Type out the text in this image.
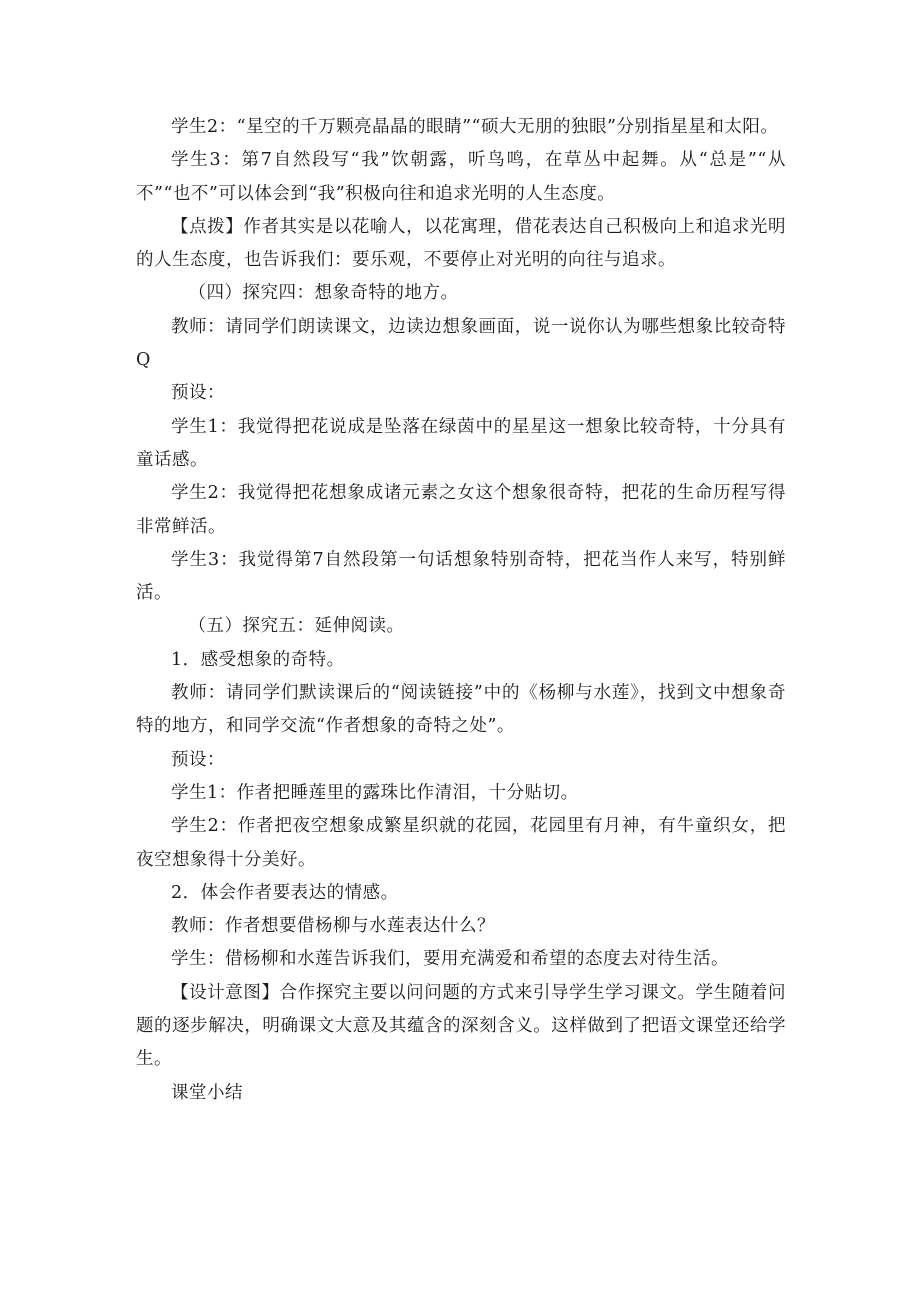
学生2：“星空的千万颗亮晶晶的眼睛”“硕大无朋的独眼”分别指星星和太阳。

学生3：第7自然段写“我”饮朝露，听鸟鸣，在草丛中起舞。从“总是”“从不”“也不”可以体会到“我”积极向往和追求光明的人生态度。

【点拨】作者其实是以花喻人，以花寓理，借花表达自己积极向上和追求光明的人生态度，也告诉我们：要乐观，不要停止对光明的向往与追求。

（四）探究四：想象奇特的地方。

教师：请同学们朗读课文，边读边想象画面，说一说你认为哪些想象比较奇特Q

预设：

学生1：我觉得把花说成是坠落在绿茵中的星星这一想象比较奇特，十分具有童话感。

学生2：我觉得把花想象成诸元素之女这个想象很奇特，把花的生命历程写得非常鲜活。

学生3：我觉得第7自然段第一句话想象特别奇特，把花当作人来写，特别鲜活。

（五）探究五：延伸阅读。

1．感受想象的奇特。

教师：请同学们默读课后的“阅读链接”中的《杨柳与水莲》，找到文中想象奇特的地方，和同学交流“作者想象的奇特之处”。

预设：

学生1：作者把睡莲里的露珠比作清泪，十分贴切。

学生2：作者把夜空想象成繁星织就的花园，花园里有月神，有牛童织女，把夜空想象得十分美好。

2．体会作者要表达的情感。

教师：作者想要借杨柳与水莲表达什么？

学生：借杨柳和水莲告诉我们，要用充满爱和希望的态度去对待生活。

【设计意图】合作探究主要以问问题的方式来引导学生学习课文。学生随着问题的逐步解决，明确课文大意及其蕴含的深刻含义。这样做到了把语文课堂还给学生。

课堂小结
